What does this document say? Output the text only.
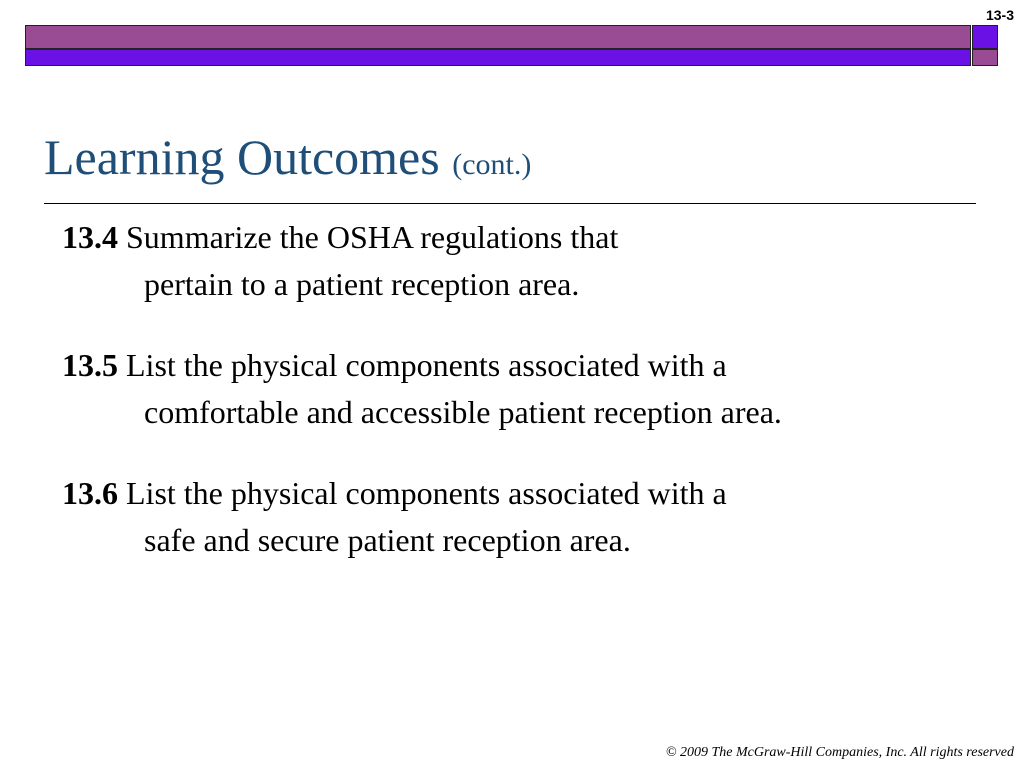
13-3
Learning Outcomes (cont.)
13.4 Summarize the OSHA regulations that
pertain to a patient reception area.
13.5 List the physical components associated with a
comfortable and accessible patient reception area.
13.6 List the physical components associated with a
safe and secure patient reception area.
© 2009 The McGraw-Hill Companies, Inc. All rights reserved
